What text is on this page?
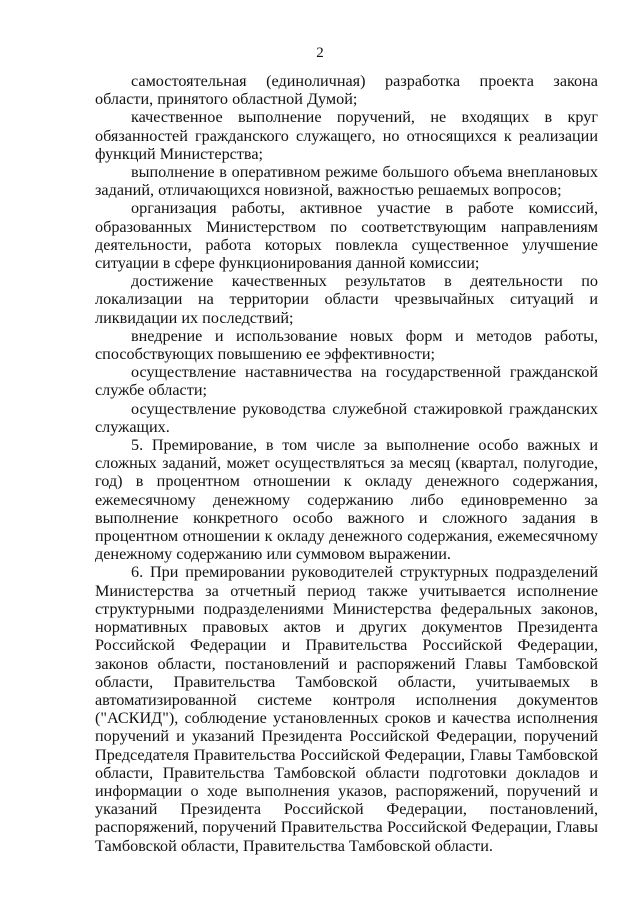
2

самостоятельная (единоличная) разработка проекта закона области, принятого областной Думой;

качественное выполнение поручений, не входящих в круг обязанностей гражданского служащего, но относящихся к реализации функций Министерства;

выполнение в оперативном режиме большого объема внеплановых заданий, отличающихся новизной, важностью решаемых вопросов;

организация работы, активное участие в работе комиссий, образованных Министерством по соответствующим направлениям деятельности, работа которых повлекла существенное улучшение ситуации в сфере функционирования данной комиссии;

достижение качественных результатов в деятельности по локализации на территории области чрезвычайных ситуаций и ликвидации их последствий;

внедрение и использование новых форм и методов работы, способствующих повышению ее эффективности;

осуществление наставничества на государственной гражданской службе области;

осуществление руководства служебной стажировкой гражданских служащих.

5. Премирование, в том числе за выполнение особо важных и сложных заданий, может осуществляться за месяц (квартал, полугодие, год) в процентном отношении к окладу денежного содержания, ежемесячному денежному содержанию либо единовременно за выполнение конкретного особо важного и сложного задания в процентном отношении к окладу денежного содержания, ежемесячному денежному содержанию или суммовом выражении.

6. При премировании руководителей структурных подразделений Министерства за отчетный период также учитывается исполнение структурными подразделениями Министерства федеральных законов, нормативных правовых актов и других документов Президента Российской Федерации и Правительства Российской Федерации, законов области, постановлений и распоряжений Главы Тамбовской области, Правительства Тамбовской области, учитываемых в автоматизированной системе контроля исполнения документов ("АСКИД"), соблюдение установленных сроков и качества исполнения поручений и указаний Президента Российской Федерации, поручений Председателя Правительства Российской Федерации, Главы Тамбовской области, Правительства Тамбовской области подготовки докладов и информации о ходе выполнения указов, распоряжений, поручений и указаний Президента Российской Федерации, постановлений, распоряжений, поручений Правительства Российской Федерации, Главы Тамбовской области, Правительства Тамбовской области.
